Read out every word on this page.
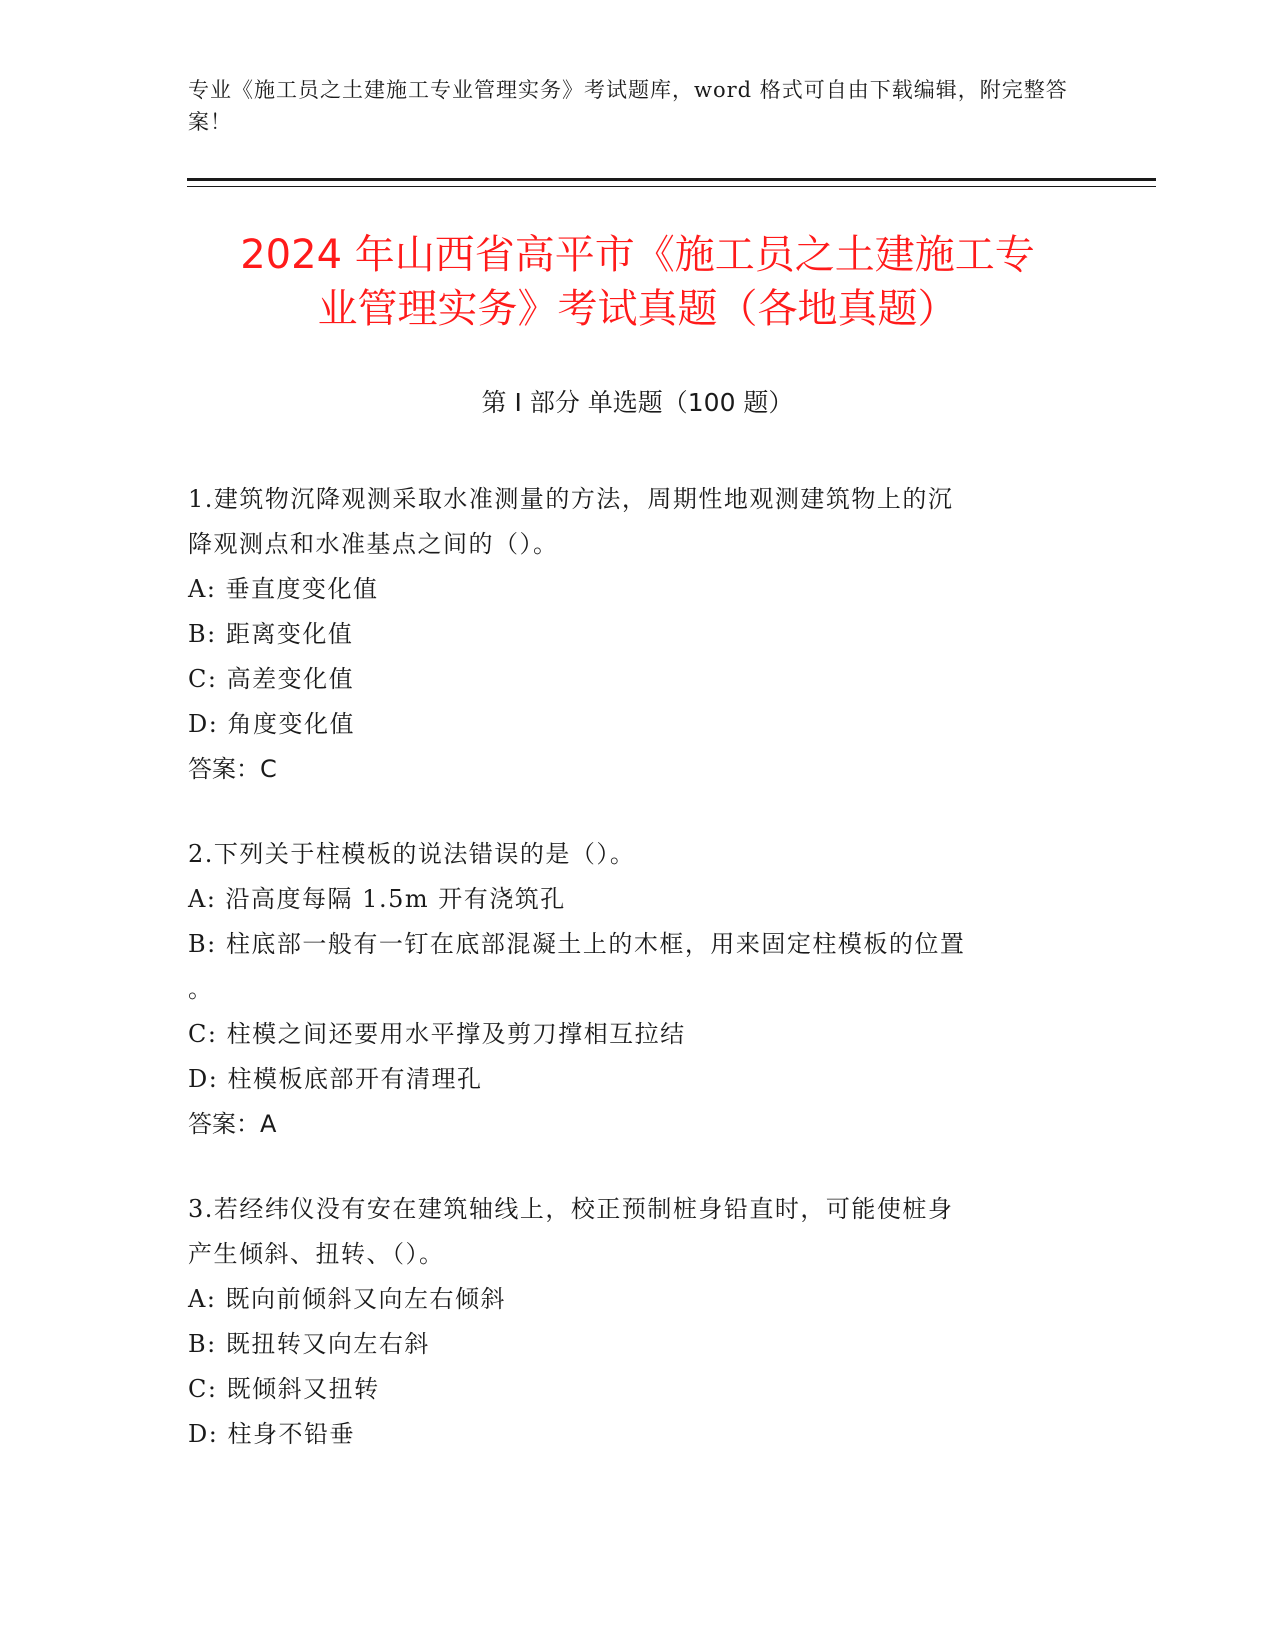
专业《施工员之土建施工专业管理实务》考试题库，word 格式可自由下载编辑，附完整答案！
2024 年山西省高平市《施工员之土建施工专
业管理实务》考试真题（各地真题）
第 I 部分 单选题（100 题）
1.建筑物沉降观测采取水准测量的方法，周期性地观测建筑物上的沉
降观测点和水准基点之间的（）。
A: 垂直度变化值
B: 距离变化值
C: 高差变化值
D: 角度变化值
答案：C
2.下列关于柱模板的说法错误的是（）。
A: 沿高度每隔 1.5m 开有浇筑孔
B: 柱底部一般有一钉在底部混凝土上的木框，用来固定柱模板的位置
。
C: 柱模之间还要用水平撑及剪刀撑相互拉结
D: 柱模板底部开有清理孔
答案：A
3.若经纬仪没有安在建筑轴线上，校正预制桩身铅直时，可能使桩身
产生倾斜、扭转、（）。
A: 既向前倾斜又向左右倾斜
B: 既扭转又向左右斜
C: 既倾斜又扭转
D: 柱身不铅垂
